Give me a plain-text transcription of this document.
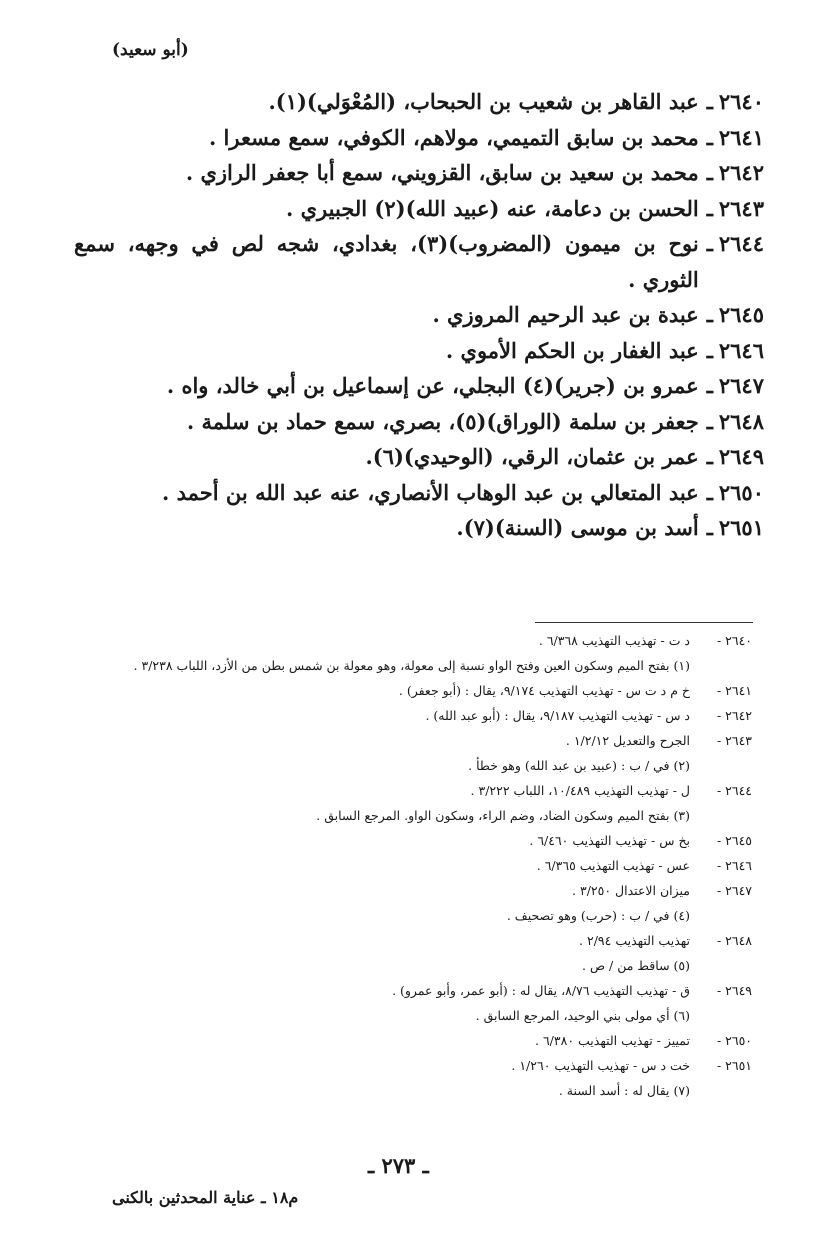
(أبو سعيد)
٢٦٤٠
ـ
عبد القاهر بن شعيب بن الحبحاب، (المُعْوَلي)(١).
٢٦٤١
ـ
محمد بن سابق التميمي، مولاهم، الكوفي، سمع مسعرا .
٢٦٤٢
ـ
محمد بن سعيد بن سابق، القزويني، سمع أبا جعفر الرازي .
٢٦٤٣
ـ
الحسن بن دعامة، عنه (عبيد الله)(٢) الجبيري .
٢٦٤٤
ـ
نوح بن ميمون (المضروب)(٣)، بغدادي، شجه لص في وجهه، سمع الثوري .
٢٦٤٥
ـ
عبدة بن عبد الرحيم المروزي .
٢٦٤٦
ـ
عبد الغفار بن الحكم الأموي .
٢٦٤٧
ـ
عمرو بن (جرير)(٤) البجلي، عن إسماعيل بن أبي خالد، واه .
٢٦٤٨
ـ
جعفر بن سلمة (الوراق)(٥)، بصري، سمع حماد بن سلمة .
٢٦٤٩
ـ
عمر بن عثمان، الرقي، (الوحيدي)(٦).
٢٦٥٠
ـ
عبد المتعالي بن عبد الوهاب الأنصاري، عنه عبد الله بن أحمد .
٢٦٥١
ـ
أسد بن موسى (السنة)(٧).
٢٦٤٠ -
د ت - تهذيب التهذيب ٦/٣٦٨ .
(١) بفتح الميم وسكون العين وفتح الواو نسبة إلى معولة، وهو معولة بن شمس بطن من الأزد، اللباب ٣/٢٣٨ .
٢٦٤١ -
خ م د ت س - تهذيب التهذيب ٩/١٧٤، يقال : (أبو جعفر) .
٢٦٤٢ -
د س - تهذيب التهذيب ٩/١٨٧، يقال : (أبو عبد الله) .
٢٦٤٣ -
الجرح والتعديل ١/٢/١٢ .
(٢) في / ب : (عبيد بن عبد الله) وهو خطأ .
٢٦٤٤ -
ل - تهذيب التهذيب ١٠/٤٨٩، اللباب ٣/٢٢٢ .
(٣) بفتح الميم وسكون الضاد، وضم الراء، وسكون الواو. المرجع السابق .
٢٦٤٥ -
بخ س - تهذيب التهذيب ٦/٤٦٠ .
٢٦٤٦ -
عس - تهذيب التهذيب ٦/٣٦٥ .
٢٦٤٧ -
ميزان الاعتدال ٣/٢٥٠ .
(٤) في / ب : (حرب) وهو تصحيف .
٢٦٤٨ -
تهذيب التهذيب ٢/٩٤ .
(٥) ساقط من / ص .
٢٦٤٩ -
ق - تهذيب التهذيب ٨/٧٦، يقال له : (أبو عمر، وأبو عمرو) .
(٦) أي مولى بني الوحيد، المرجع السابق .
٢٦٥٠ -
تمييز - تهذيب التهذيب ٦/٣٨٠ .
٢٦٥١ -
خت د س - تهذيب التهذيب ١/٢٦٠ .
(٧) يقال له : أسد السنة .
ـ ٢٧٣ ـ
م١٨ ـ عناية المحدثين بالكنى
